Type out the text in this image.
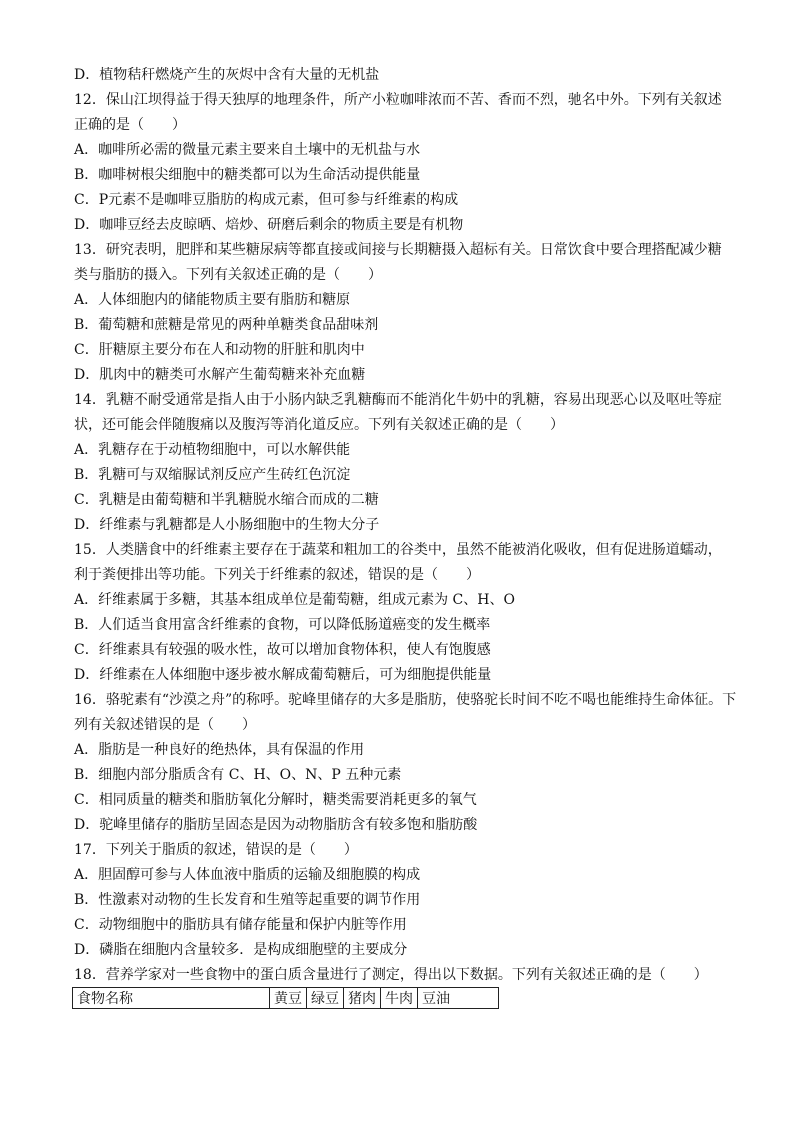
D．植物秸秆燃烧产生的灰烬中含有大量的无机盐
12．保山江坝得益于得天独厚的地理条件，所产小粒咖啡浓而不苦、香而不烈，驰名中外。下列有关叙述
正确的是（　　）
A．咖啡所必需的微量元素主要来自土壤中的无机盐与水
B．咖啡树根尖细胞中的糖类都可以为生命活动提供能量
C．P元素不是咖啡豆脂肪的构成元素，但可参与纤维素的构成
D．咖啡豆经去皮晾晒、焙炒、研磨后剩余的物质主要是有机物
13．研究表明，肥胖和某些糖尿病等都直接或间接与长期糖摄入超标有关。日常饮食中要合理搭配减少糖
类与脂肪的摄入。下列有关叙述正确的是（　　）
A．人体细胞内的储能物质主要有脂肪和糖原
B．葡萄糖和蔗糖是常见的两种单糖类食品甜味剂
C．肝糖原主要分布在人和动物的肝脏和肌肉中
D．肌肉中的糖类可水解产生葡萄糖来补充血糖
14．乳糖不耐受通常是指人由于小肠内缺乏乳糖酶而不能消化牛奶中的乳糖，容易出现恶心以及呕吐等症
状，还可能会伴随腹痛以及腹泻等消化道反应。下列有关叙述正确的是（　　）
A．乳糖存在于动植物细胞中，可以水解供能
B．乳糖可与双缩脲试剂反应产生砖红色沉淀
C．乳糖是由葡萄糖和半乳糖脱水缩合而成的二糖
D．纤维素与乳糖都是人小肠细胞中的生物大分子
15．人类膳食中的纤维素主要存在于蔬菜和粗加工的谷类中，虽然不能被消化吸收，但有促进肠道蠕动，
利于粪便排出等功能。下列关于纤维素的叙述，错误的是（　　）
A．纤维素属于多糖，其基本组成单位是葡萄糖，组成元素为 C、H、O
B．人们适当食用富含纤维素的食物，可以降低肠道癌变的发生概率
C．纤维素具有较强的吸水性，故可以增加食物体积，使人有饱腹感
D．纤维素在人体细胞中逐步被水解成葡萄糖后，可为细胞提供能量
16．骆驼素有“沙漠之舟”的称呼。驼峰里储存的大多是脂肪，使骆驼长时间不吃不喝也能维持生命体征。下
列有关叙述错误的是（　　）
A．脂肪是一种良好的绝热体，具有保温的作用
B．细胞内部分脂质含有 C、H、O、N、P 五种元素
C．相同质量的糖类和脂肪氧化分解时，糖类需要消耗更多的氧气
D．驼峰里储存的脂肪呈固态是因为动物脂肪含有较多饱和脂肪酸
17．下列关于脂质的叙述，错误的是（　　）
A．胆固醇可参与人体血液中脂质的运输及细胞膜的构成
B．性激素对动物的生长发育和生殖等起重要的调节作用
C．动物细胞中的脂肪具有储存能量和保护内脏等作用
D．磷脂在细胞内含量较多．是构成细胞壁的主要成分
18．营养学家对一些食物中的蛋白质含量进行了测定，得出以下数据。下列有关叙述正确的是（　　）
食物名称	黄豆	绿豆	猪肉	牛肉	豆油
